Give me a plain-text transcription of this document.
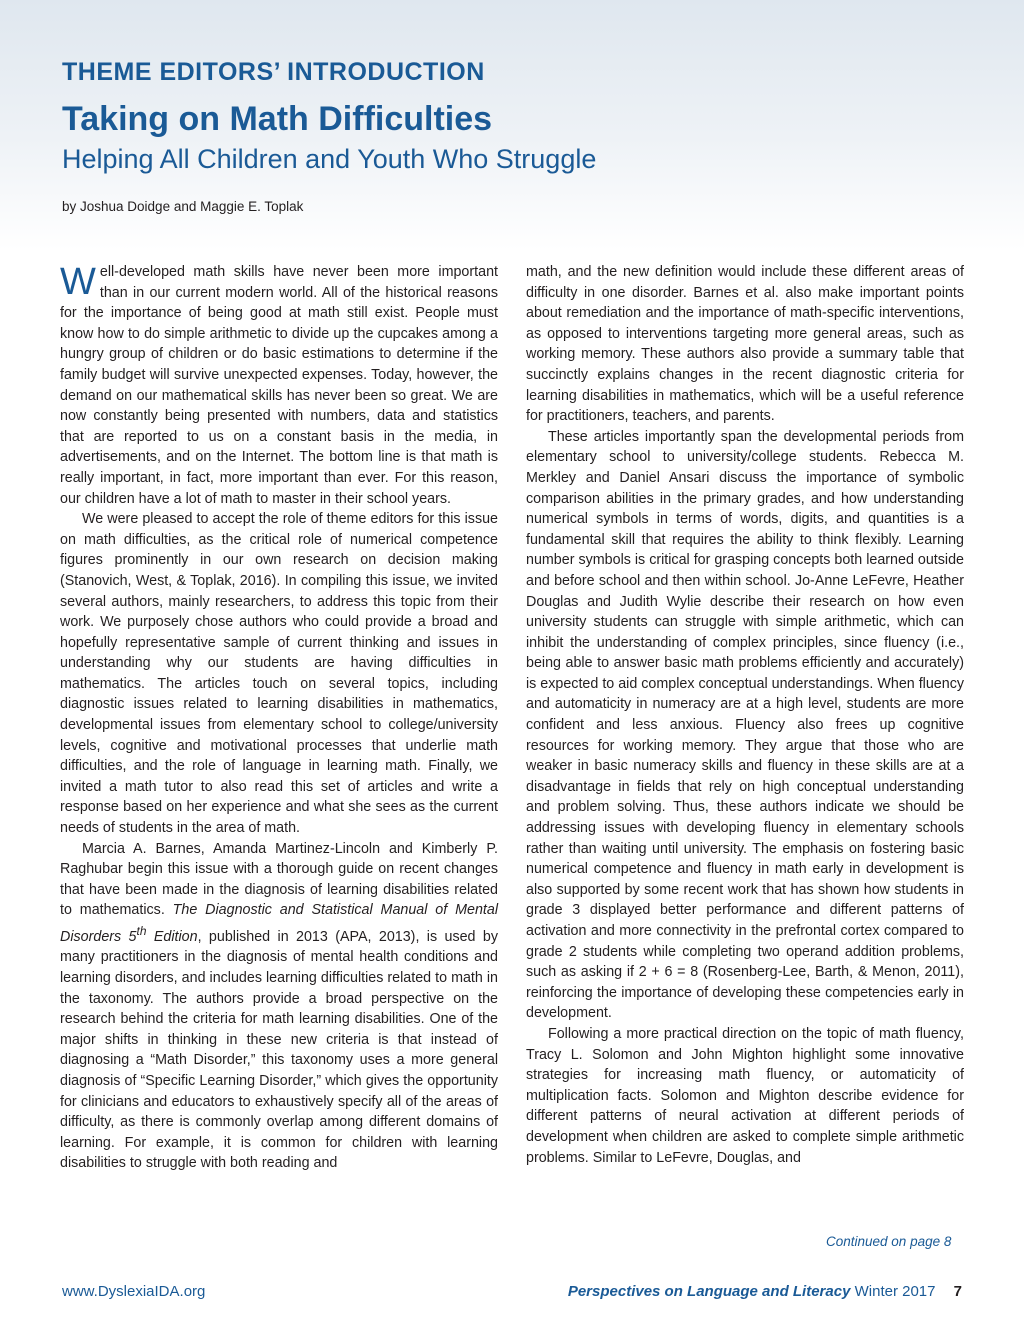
THEME EDITORS’ INTRODUCTION
Taking on Math Difficulties
Helping All Children and Youth Who Struggle
by Joshua Doidge and Maggie E. Toplak

Well-developed math skills have never been more important than in our current modern world. All of the historical reasons for the importance of being good at math still exist. People must know how to do simple arithmetic to divide up the cupcakes among a hungry group of children or do basic estimations to determine if the family budget will survive unexpected expenses. Today, however, the demand on our mathematical skills has never been so great. We are now constantly being presented with numbers, data and statistics that are reported to us on a constant basis in the media, in advertisements, and on the Internet. The bottom line is that math is really important, in fact, more important than ever. For this reason, our children have a lot of math to master in their school years.

We were pleased to accept the role of theme editors for this issue on math difficulties, as the critical role of numerical competence figures prominently in our own research on decision making (Stanovich, West, & Toplak, 2016). In compiling this issue, we invited several authors, mainly researchers, to address this topic from their work. We purposely chose authors who could provide a broad and hopefully representative sample of current thinking and issues in understanding why our students are having difficulties in mathematics. The articles touch on several topics, including diagnostic issues related to learning disabilities in mathematics, developmental issues from elementary school to college/university levels, cognitive and motivational processes that underlie math difficulties, and the role of language in learning math. Finally, we invited a math tutor to also read this set of articles and write a response based on her experience and what she sees as the current needs of students in the area of math.

Marcia A. Barnes, Amanda Martinez-Lincoln and Kimberly P. Raghubar begin this issue with a thorough guide on recent changes that have been made in the diagnosis of learning disabilities related to mathematics. The Diagnostic and Statistical Manual of Mental Disorders 5th Edition, published in 2013 (APA, 2013), is used by many practitioners in the diagnosis of mental health conditions and learning disorders, and includes learning difficulties related to math in the taxonomy. The authors provide a broad perspective on the research behind the criteria for math learning disabilities. One of the major shifts in thinking in these new criteria is that instead of diagnosing a “Math Disorder,” this taxonomy uses a more general diagnosis of “Specific Learning Disorder,” which gives the opportunity for clinicians and educators to exhaustively specify all of the areas of difficulty, as there is commonly overlap among different domains of learning. For example, it is common for children with learning disabilities to struggle with both reading and

math, and the new definition would include these different areas of difficulty in one disorder. Barnes et al. also make important points about remediation and the importance of math-specific interventions, as opposed to interventions targeting more general areas, such as working memory. These authors also provide a summary table that succinctly explains changes in the recent diagnostic criteria for learning disabilities in mathematics, which will be a useful reference for practitioners, teachers, and parents.

These articles importantly span the developmental periods from elementary school to university/college students. Rebecca M. Merkley and Daniel Ansari discuss the importance of symbolic comparison abilities in the primary grades, and how understanding numerical symbols in terms of words, digits, and quantities is a fundamental skill that requires the ability to think flexibly. Learning number symbols is critical for grasping concepts both learned outside and before school and then within school. Jo-Anne LeFevre, Heather Douglas and Judith Wylie describe their research on how even university students can struggle with simple arithmetic, which can inhibit the understanding of complex principles, since fluency (i.e., being able to answer basic math problems efficiently and accurately) is expected to aid complex conceptual understandings. When fluency and automaticity in numeracy are at a high level, students are more confident and less anxious. Fluency also frees up cognitive resources for working memory. They argue that those who are weaker in basic numeracy skills and fluency in these skills are at a disadvantage in fields that rely on high conceptual understanding and problem solving. Thus, these authors indicate we should be addressing issues with developing fluency in elementary schools rather than waiting until university. The emphasis on fostering basic numerical competence and fluency in math early in development is also supported by some recent work that has shown how students in grade 3 displayed better performance and different patterns of activation and more connectivity in the prefrontal cortex compared to grade 2 students while completing two operand addition problems, such as asking if 2 + 6 = 8 (Rosenberg-Lee, Barth, & Menon, 2011), reinforcing the importance of developing these competencies early in development.

Following a more practical direction on the topic of math fluency, Tracy L. Solomon and John Mighton highlight some innovative strategies for increasing math fluency, or automaticity of multiplication facts. Solomon and Mighton describe evidence for different patterns of neural activation at different periods of development when children are asked to complete simple arithmetic problems. Similar to LeFevre, Douglas, and

Continued on page 8
www.DyslexiaIDA.org	Perspectives on Language and Literacy Winter 2017 7
